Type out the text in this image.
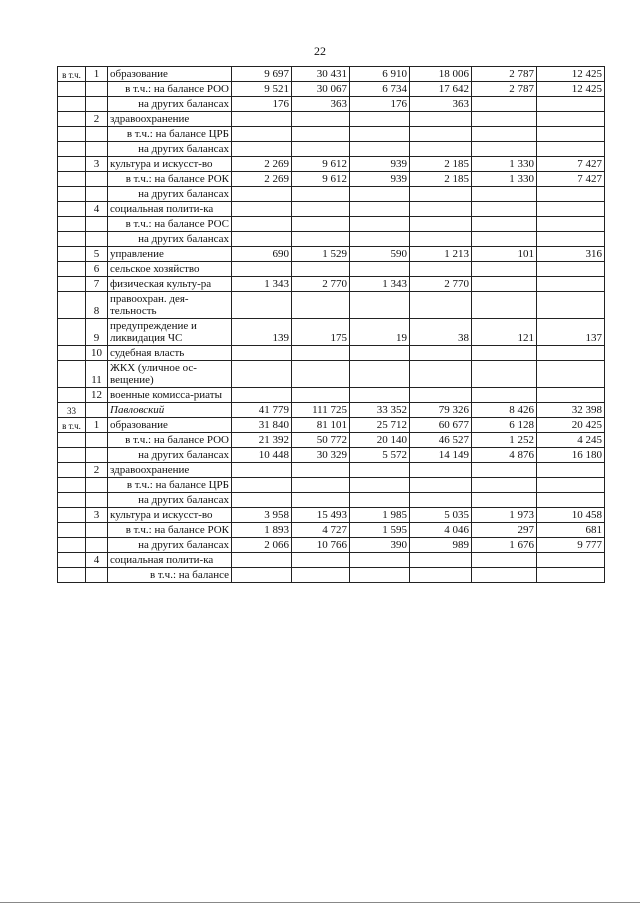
22
в т.ч.	1	образование	9 697	30 431	6 910	18 006	2 787	12 425
		в т.ч.: на балансе РОО	9 521	30 067	6 734	17 642	2 787	12 425
		на других балансах	176	363	176	363		
	2	здравоохранение						
		в т.ч.: на балансе ЦРБ						
		на других балансах						
	3	культура и искусст-во	2 269	9 612	939	2 185	1 330	7 427
		в т.ч.: на балансе РОК	2 269	9 612	939	2 185	1 330	7 427
		на других балансах						
	4	социальная полити-ка						
		в т.ч.: на балансе РОС						
		на других балансах						
	5	управление	690	1 529	590	1 213	101	316
	6	сельское хозяйство						
	7	физическая культу-ра	1 343	2 770	1 343	2 770		
	8	правоохран. дея-тельность						
	9	предупреждение и ликвидация ЧС	139	175	19	38	121	137
	10	судебная власть						
	11	ЖКХ (уличное ос-вещение)						
	12	военные комисса-риаты						
33		Павловский	41 779	111 725	33 352	79 326	8 426	32 398
в т.ч.	1	образование	31 840	81 101	25 712	60 677	6 128	20 425
		в т.ч.: на балансе РОО	21 392	50 772	20 140	46 527	1 252	4 245
		на других балансах	10 448	30 329	5 572	14 149	4 876	16 180
	2	здравоохранение						
		в т.ч.: на балансе ЦРБ						
		на других балансах						
	3	культура и искусст-во	3 958	15 493	1 985	5 035	1 973	10 458
		в т.ч.: на балансе РОК	1 893	4 727	1 595	4 046	297	681
		на других балансах	2 066	10 766	390	989	1 676	9 777
	4	социальная полити-ка						
		в т.ч.: на балансе						
